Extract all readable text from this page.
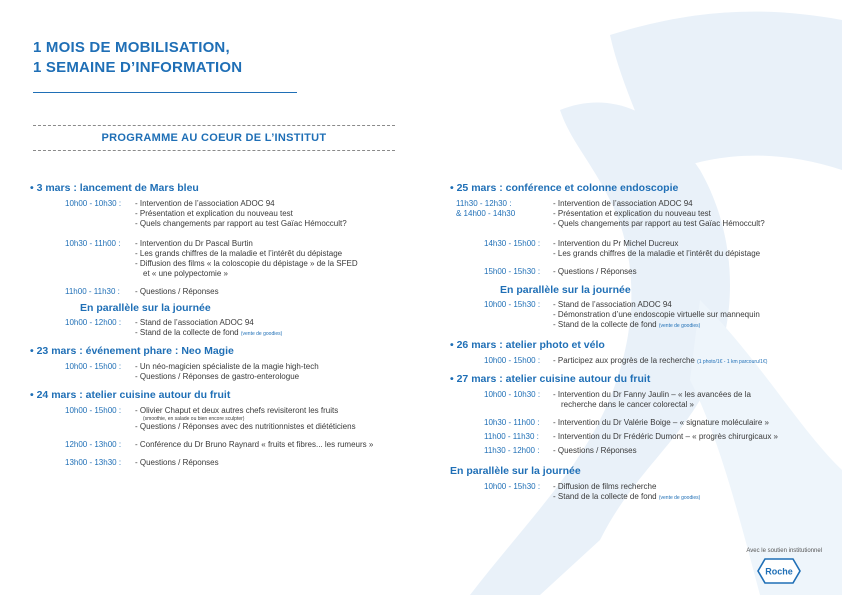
1 MOIS DE MOBILISATION,
1 SEMAINE D’INFORMATION
PROGRAMME AU COEUR DE L’INSTITUT
• 3 mars : lancement de Mars bleu
10h00 - 10h30 : - Intervention de l’association ADOC 94
- Présentation et explication du nouveau test
- Quels changements par rapport au test Gaïac Hémoccult?
10h30 - 11h00 : - Intervention du Dr Pascal Burtin
- Les grands chiffres de la maladie et l’intérêt du dépistage
- Diffusion des films « la coloscopie du dépistage » de la SFED
et « une polypectomie »
11h00 - 11h30 : - Questions / Réponses
En parallèle sur la journée
10h00 - 12h00 : - Stand de l’association ADOC 94
- Stand de la collecte de fond (vente de goodies)
• 23 mars : événement phare : Neo Magie
10h00 - 15h00 : - Un néo-magicien spécialiste de la magie high-tech
- Questions / Réponses de gastro-enterologue
• 24 mars : atelier cuisine autour du fruit
10h00 - 15h00 : - Olivier Chaput et deux autres chefs revisiteront les fruits
(smoothie, en salade ou bien encore sculpter)
- Questions / Réponses avec des nutritionnistes et diététiciens
12h00 - 13h00 : - Conférence du Dr Bruno Raynard « fruits et fibres... les rumeurs »
13h00 - 13h30 : - Questions / Réponses
• 25 mars : conférence et colonne endoscopie
11h30 - 12h30 :
& 14h00 - 14h30
- Intervention de l’association ADOC 94
- Présentation et explication du nouveau test
- Quels changements par rapport au test Gaïac Hémoccult?
14h30 - 15h00 : - Intervention du Pr Michel Ducreux
- Les grands chiffres de la maladie et l’intérêt du dépistage
15h00 - 15h30 : - Questions / Réponses
En parallèle sur la journée
10h00 - 15h30 : - Stand de l’association ADOC 94
- Démonstration d’une endoscopie virtuelle sur mannequin
- Stand de la collecte de fond (vente de goodies)
• 26 mars : atelier photo et vélo
10h00 - 15h00 : - Participez aux progrès de la recherche (1 photo/1€ - 1 km parcouru/1€)
• 27 mars : atelier cuisine autour du fruit
10h00 - 10h30 : - Intervention du Dr Fanny Jaulin – « les avancées de la
recherche dans le cancer colorectal »
10h30 - 11h00 : - Intervention du Dr Valérie Boige – « signature moléculaire »
11h00 - 11h30 : - Intervention du Dr Frédéric Dumont – « progrès chirurgicaux »
11h30 - 12h00 : - Questions / Réponses
En parallèle sur la journée
10h00 - 15h30 : - Diffusion de films recherche
- Stand de la collecte de fond (vente de goodies)
Avec le soutien institutionnel
Roche
